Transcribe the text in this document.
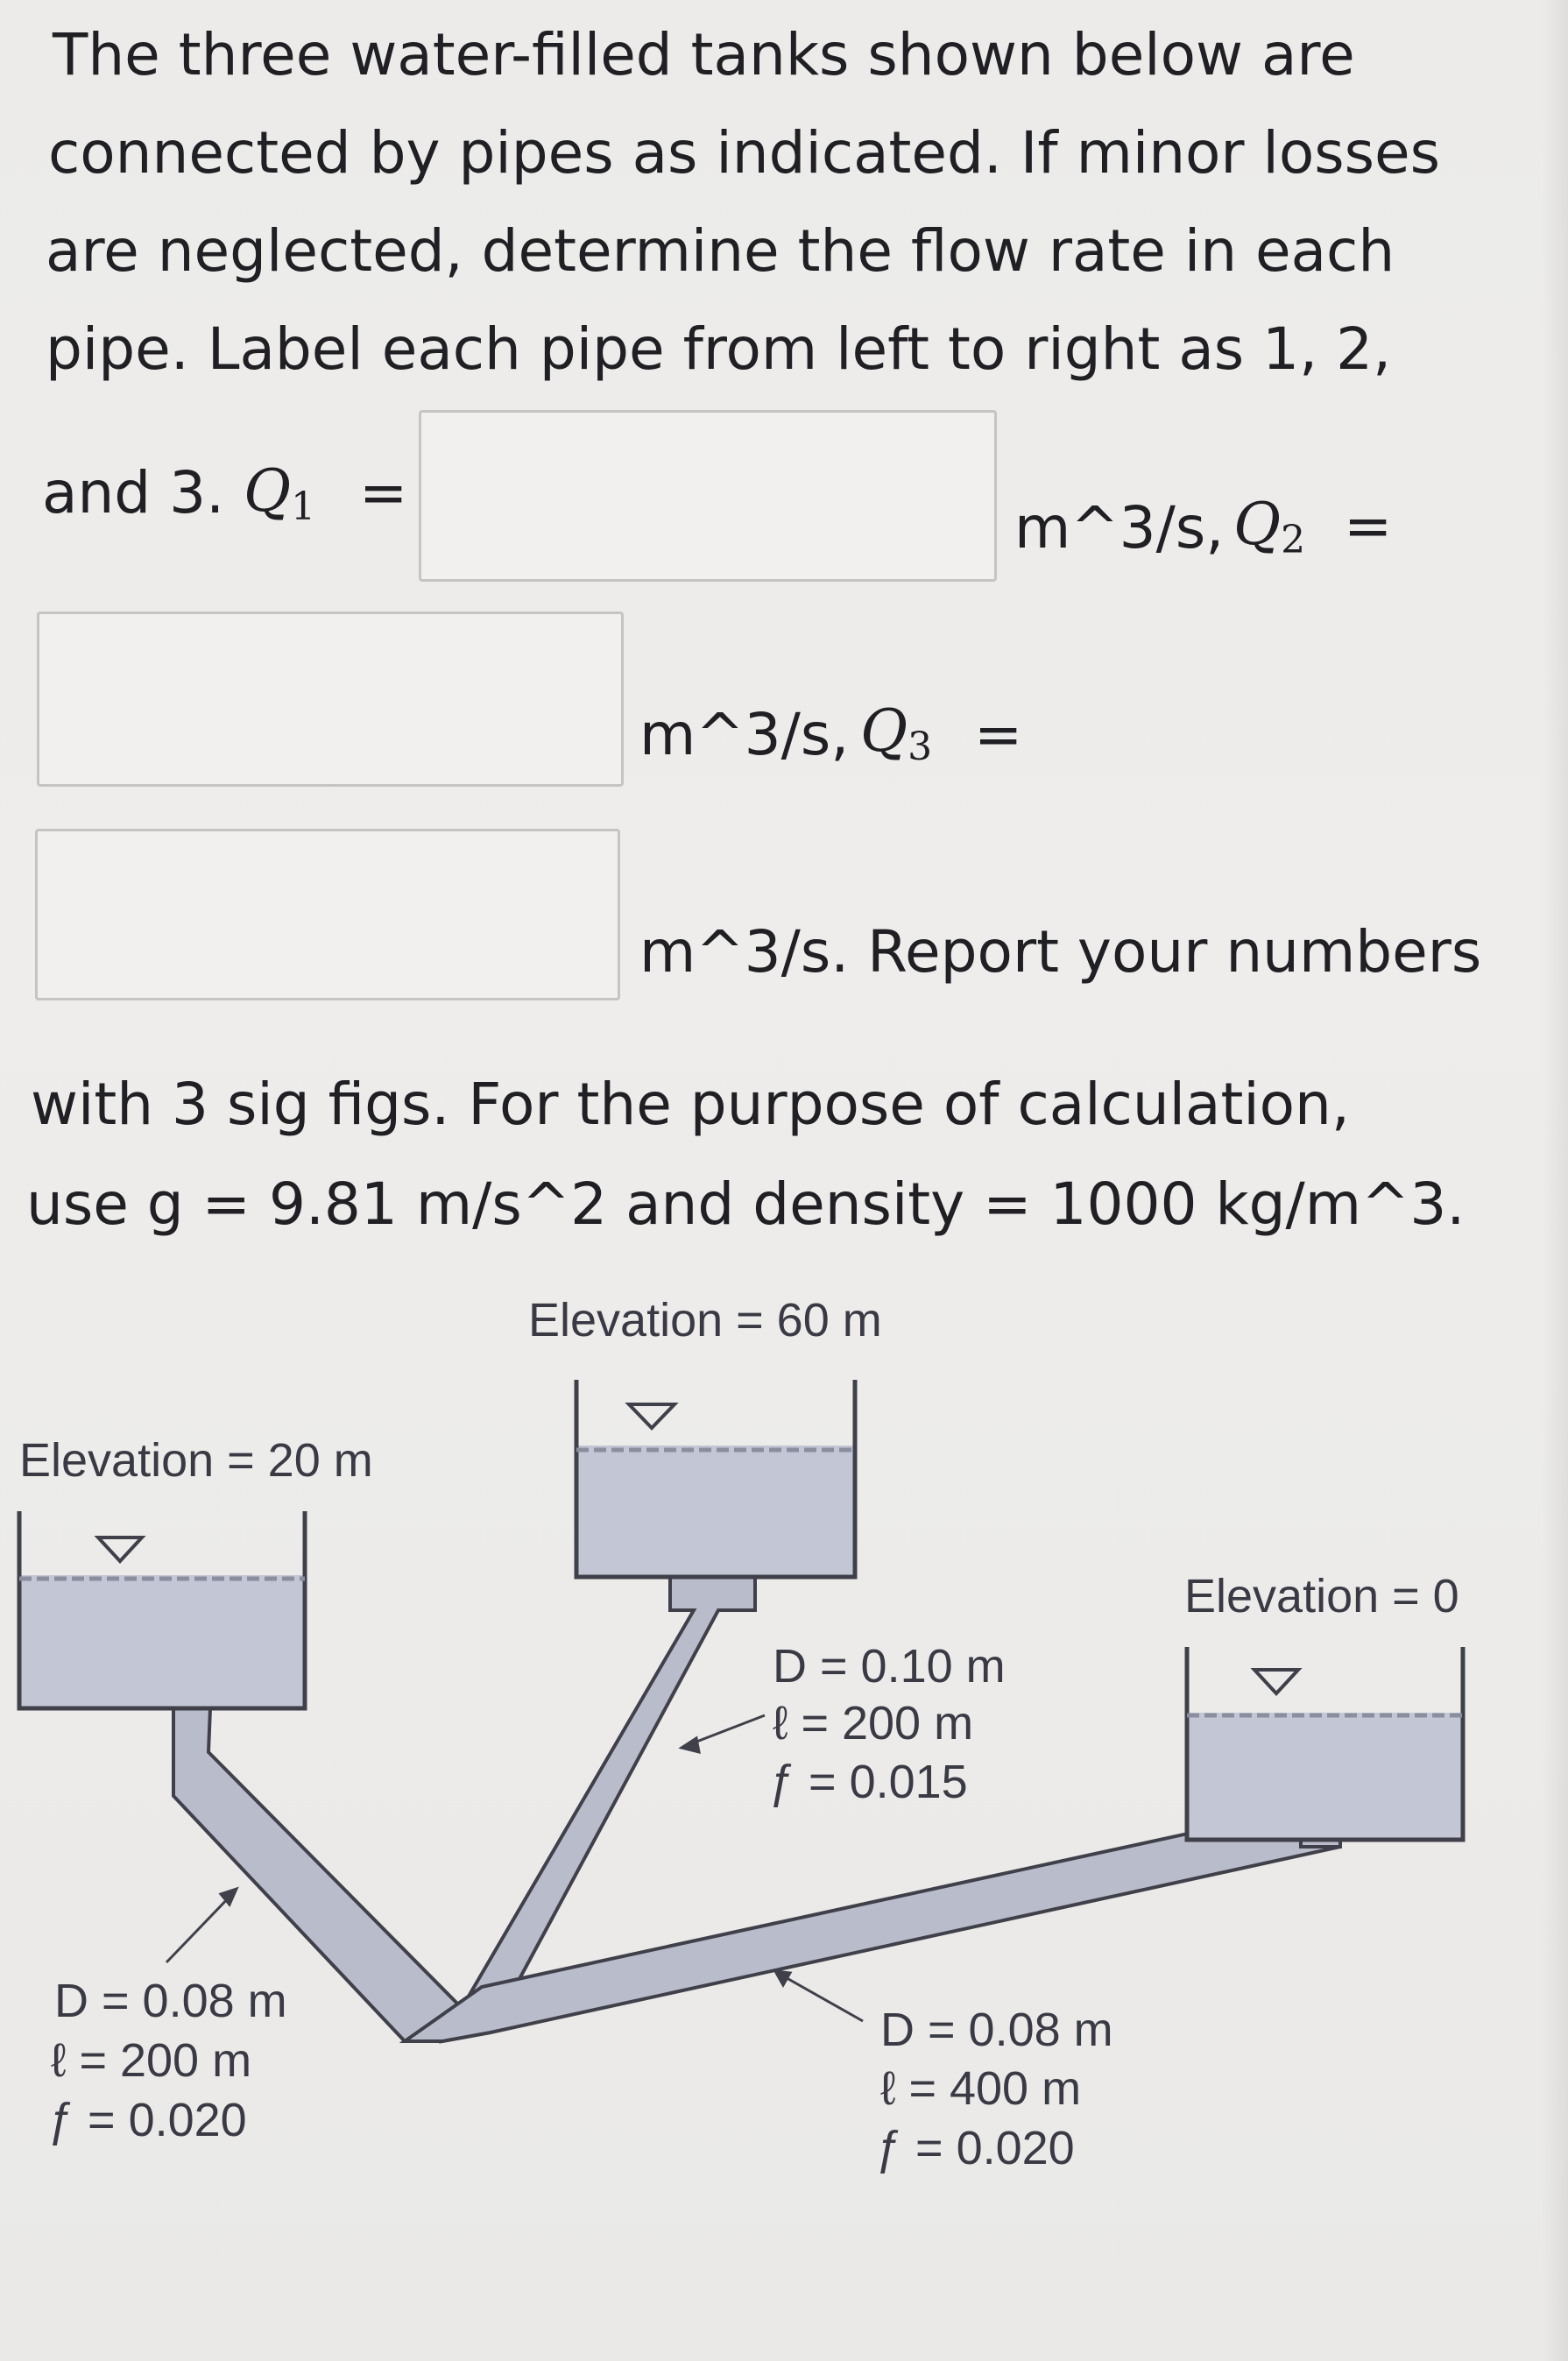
The three water-filled tanks shown below are
connected by pipes as indicated. If minor losses
are neglected, determine the flow rate in each
pipe. Label each pipe from left to right as 1, 2,
and 3. $Q_1$ =
m^3/s, $Q_2$ =
m^3/s, $Q_3$ =
m^3/s. Report your numbers
with 3 sig figs. For the purpose of calculation,
use g = 9.81 m/s^2 and density = 1000 kg/m^3.
Elevation = 20 m
Elevation = 60 m
Elevation = 0
D = 0.10 m
ℓ = 200 m
ƒ = 0.015
D = 0.08 m
ℓ = 200 m
ƒ = 0.020
D = 0.08 m
ℓ = 400 m
ƒ = 0.020
